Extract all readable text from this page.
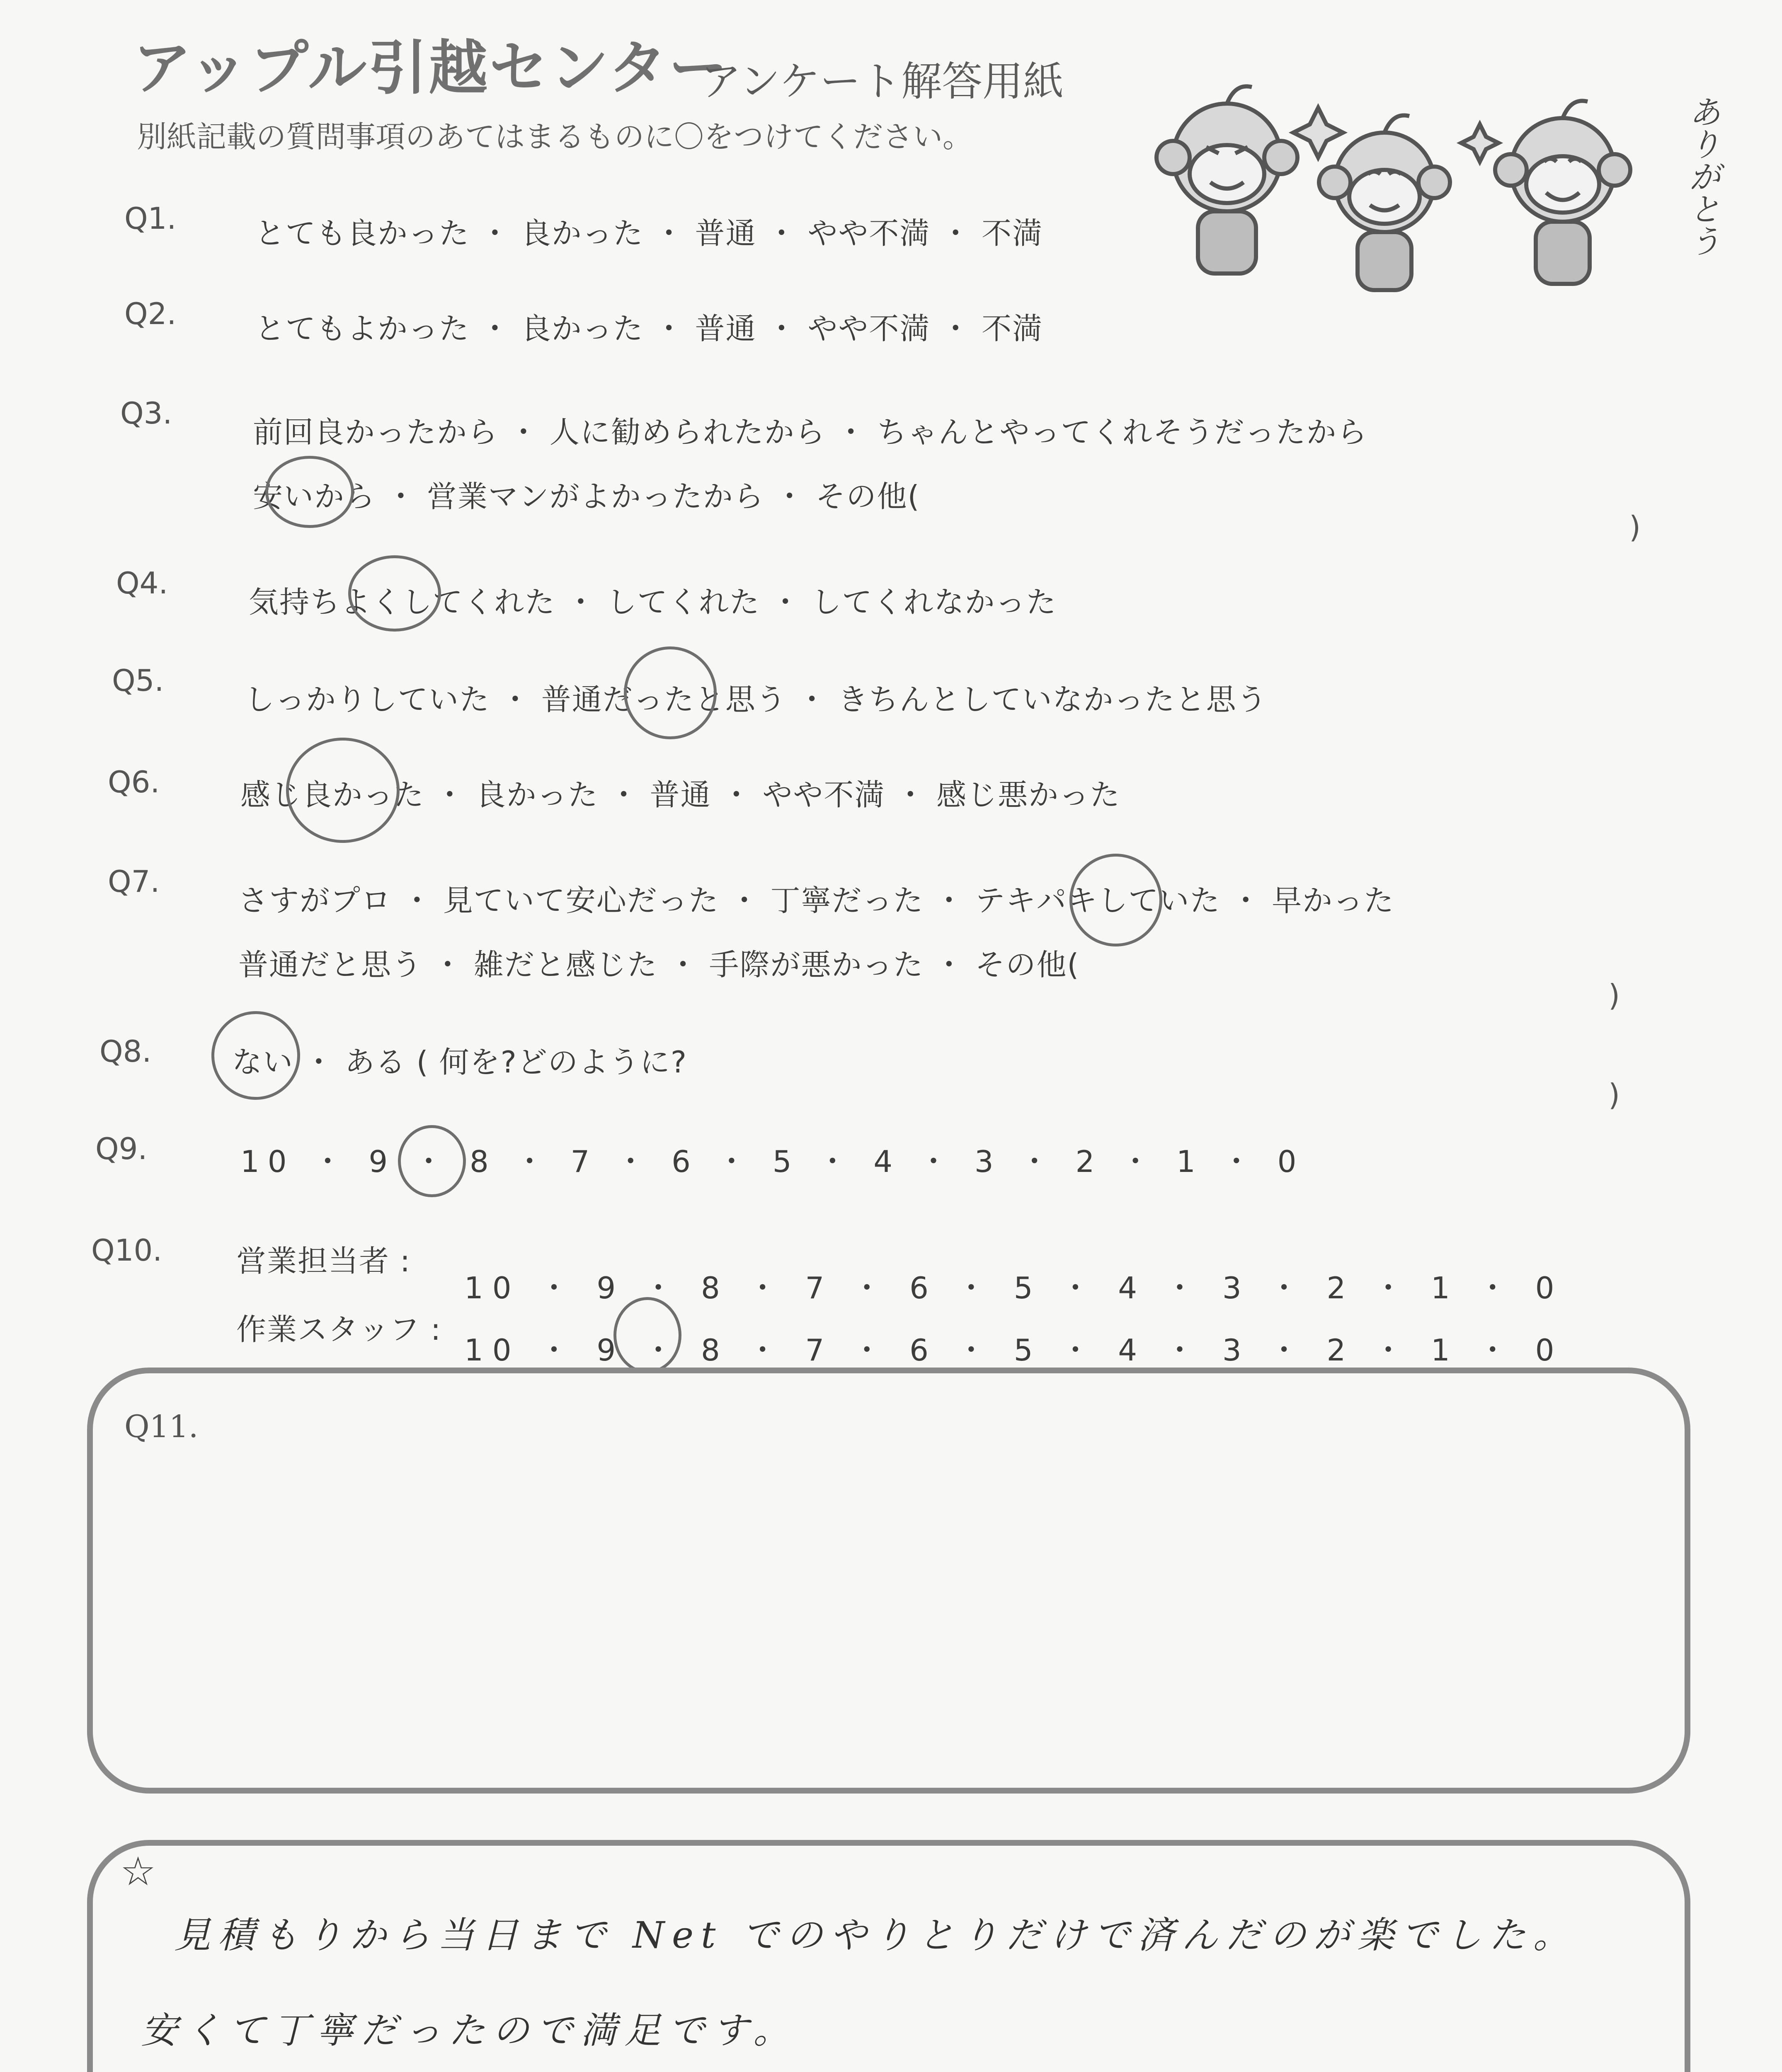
アップル引越センター
アンケート解答用紙
別紙記載の質問事項のあてはまるものに〇をつけてください。	ありがとう
Q1.	とても良かった ・ 良かった ・ 普通 ・ やや不満 ・ 不満
Q2.	とてもよかった ・ 良かった ・ 普通 ・ やや不満 ・ 不満
Q3.
前回良かったから ・ 人に勧められたから ・ ちゃんとやってくれそうだったから
安いから ・ 営業マンがよかったから ・ その他(
)
Q4.
気持ちよくしてくれた ・ してくれた ・ してくれなかった
Q5.
しっかりしていた ・ 普通だったと思う ・ きちんとしていなかったと思う
Q6.	感じ良かった ・ 良かった ・ 普通 ・ やや不満 ・ 感じ悪かった
Q7.
さすがプロ ・ 見ていて安心だった ・ 丁寧だった ・ テキパキしていた ・ 早かった
普通だと思う ・ 雑だと感じた ・ 手際が悪かった ・ その他(
)
Q8.	ない ・ ある ( 何を?どのように?
)
Q9.	10 ・ 9 ・ 8 ・ 7 ・ 6 ・ 5 ・ 4 ・ 3 ・ 2 ・ 1 ・ 0
Q10. 営業担当者 :
10 ・ 9 ・ 8 ・ 7 ・ 6 ・ 5 ・ 4 ・ 3 ・ 2 ・ 1 ・ 0
作業スタッフ :
10 ・ 9 ・ 8 ・ 7 ・ 6 ・ 5 ・ 4 ・ 3 ・ 2 ・ 1 ・ 0
Q11.
☆
見積もりから当日まで Net でのやりとりだけで済んだのが楽でした。
安くて丁寧だったので満足です。
